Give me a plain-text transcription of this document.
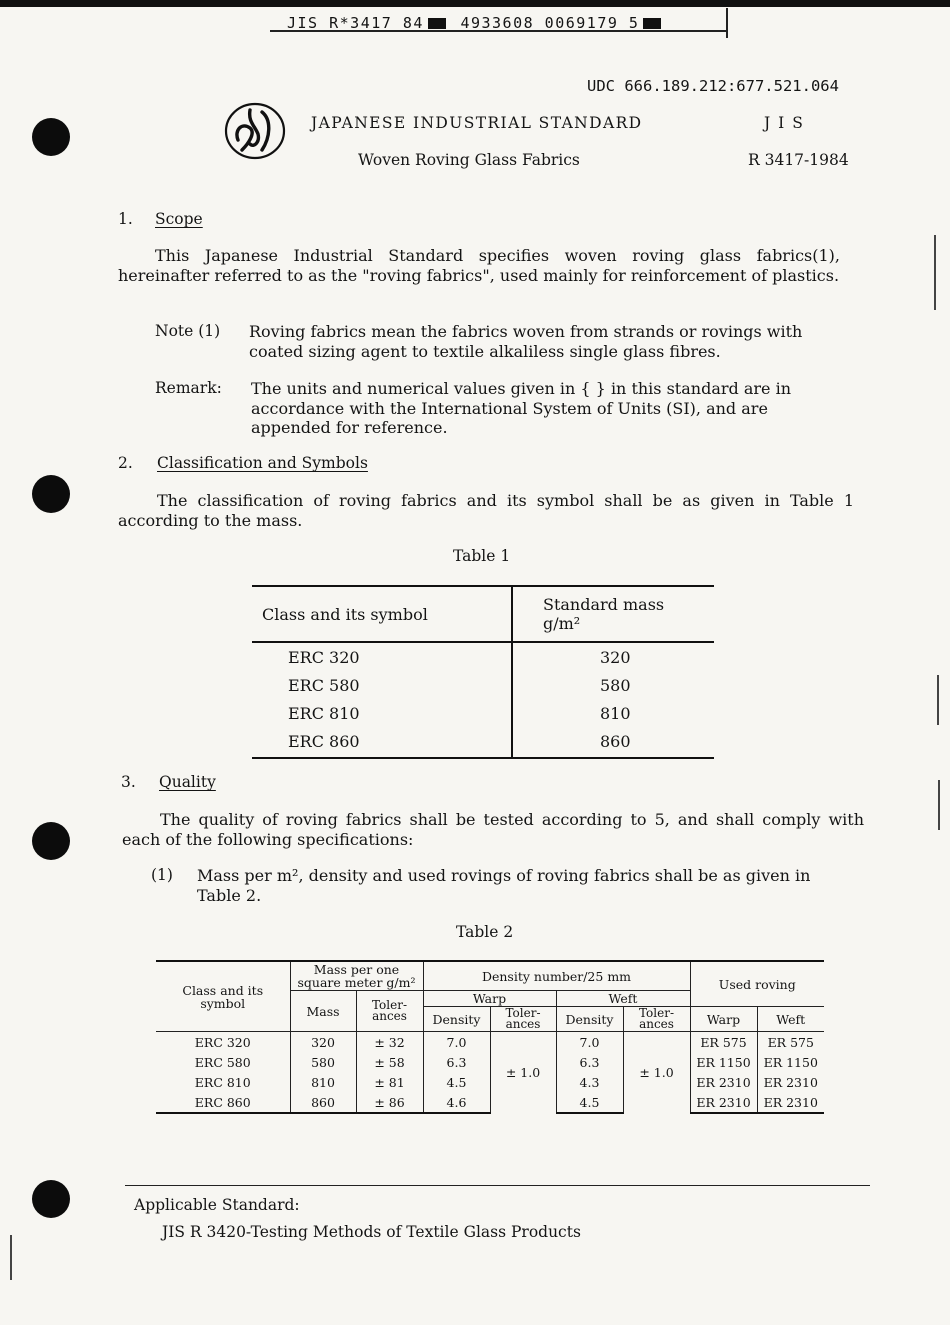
JIS R*3417 84 4933608 0069179 5
UDC 666.189.212:677.521.064
JAPANESE INDUSTRIAL STANDARD	J I S
Woven Roving Glass Fabrics	R 3417-1984
1. Scope
This Japanese Industrial Standard specifies woven roving glass fabrics(1), hereinafter referred to as the "roving fabrics", used mainly for reinforcement of plastics.
Note (1) Roving fabrics mean the fabrics woven from strands or rovings with coated sizing agent to textile alkaliless single glass fibres.
Remark: The units and numerical values given in { } in this standard are in accordance with the International System of Units (SI), and are appended for reference.
2. Classification and Symbols
The classification of roving fabrics and its symbol shall be as given in Table 1 according to the mass.
Table 1
Class and its symbol	Standard mass g/m²
ERC 320	320
ERC 580	580
ERC 810	810
ERC 860	860
3. Quality
The quality of roving fabrics shall be tested according to 5, and shall comply with each of the following specifications:
(1) Mass per m², density and used rovings of roving fabrics shall be as given in Table 2.
Table 2
Class and its symbol	Mass per one square meter g/m²		Density number/25 mm				Used roving	
	Mass	Toler- ances	Warp		Weft			
			Density	Toler- ances	Density	Toler- ances	Warp	Weft
ERC 320	320	± 32	7.0	± 1.0	7.0	± 1.0	ER 575	ER 575
ERC 580	580	± 58	6.3		6.3		ER 1150	ER 1150
ERC 810	810	± 81	4.5		4.3		ER 2310	ER 2310
ERC 860	860	± 86	4.6		4.5		ER 2310	ER 2310
Applicable Standard:
JIS R 3420-Testing Methods of Textile Glass Products
